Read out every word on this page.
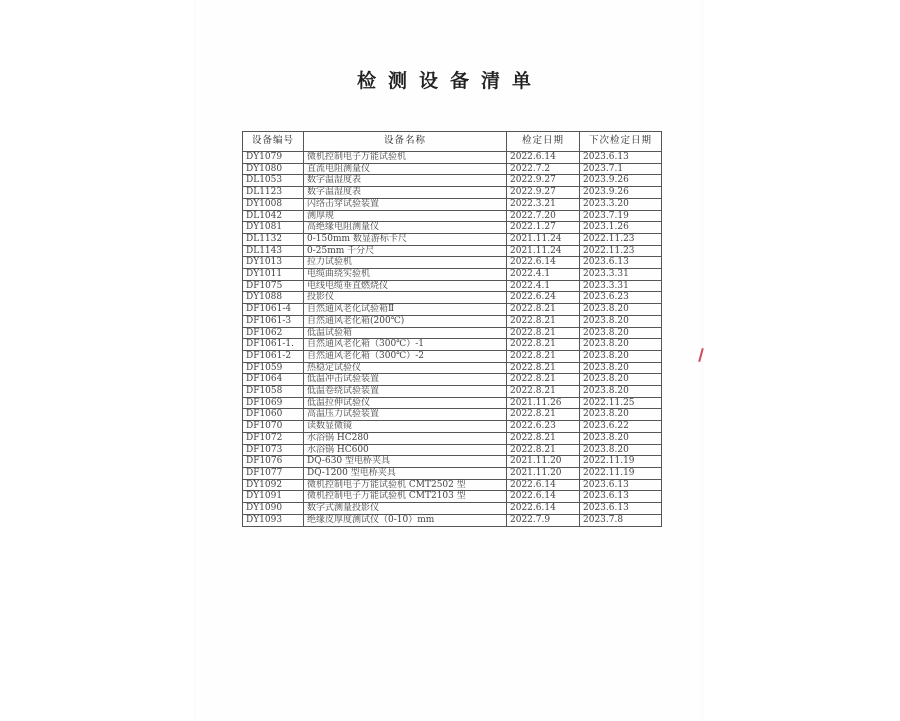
检测设备清单
设备编号	设备名称	检定日期	下次检定日期
DY1079	微机控制电子万能试验机	2022.6.14	2023.6.13
DY1080	直流电阻测量仪	2022.7.2	2023.7.1
DL1053	数字温湿度表	2022.9.27	2023.9.26
DL1123	数字温湿度表	2022.9.27	2023.9.26
DY1008	闪络击穿试验装置	2022.3.21	2023.3.20
DL1042	测厚规	2022.7.20	2023.7.19
DY1081	高绝缘电阻测量仪	2022.1.27	2023.1.26
DL1132	0-150mm 数显游标卡尺	2021.11.24	2022.11.23
DL1143	0-25mm 千分尺	2021.11.24	2022.11.23
DY1013	拉力试验机	2022.6.14	2023.6.13
DY1011	电缆曲绕实验机	2022.4.1	2023.3.31
DF1075	电线电缆垂直燃烧仪	2022.4.1	2023.3.31
DY1088	投影仪	2022.6.24	2023.6.23
DF1061-4	自然通风老化试验箱Ⅱ	2022.8.21	2023.8.20
DF1061-3	自然通风老化箱(200℃)	2022.8.21	2023.8.20
DF1062	低温试验箱	2022.8.21	2023.8.20
DF1061-1.	自然通风老化箱（300℃）-1	2022.8.21	2023.8.20
DF1061-2	自然通风老化箱（300℃）-2	2022.8.21	2023.8.20
DF1059	热稳定试验仪	2022.8.21	2023.8.20
DF1064	低温冲击试验装置	2022.8.21	2023.8.20
DF1058	低温卷绕试验装置	2022.8.21	2023.8.20
DF1069	低温拉伸试验仪	2021.11.26	2022.11.25
DF1060	高温压力试验装置	2022.8.21	2023.8.20
DF1070	读数显微镜	2022.6.23	2023.6.22
DF1072	水浴锅 HC280	2022.8.21	2023.8.20
DF1073	水浴锅 HC600	2022.8.21	2023.8.20
DF1076	DQ-630 型电桥夹具	2021.11.20	2022.11.19
DF1077	DQ-1200 型电桥夹具	2021.11.20	2022.11.19
DY1092	微机控制电子万能试验机 CMT2502 型	2022.6.14	2023.6.13
DY1091	微机控制电子万能试验机 CMT2103 型	2022.6.14	2023.6.13
DY1090	数字式测量投影仪	2022.6.14	2023.6.13
DY1093	绝缘皮厚度测试仪（0-10）mm	2022.7.9	2023.7.8
